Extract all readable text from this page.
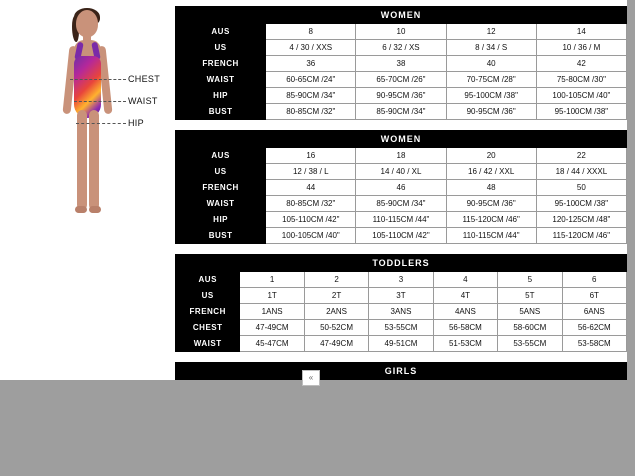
CHEST
WAIST
HIP
WOMEN				
AUS	8	10	12	14
US	4 / 30 / XXS	6 / 32 / XS	8 / 34 / S	10 / 36 / M
FRENCH	36	38	40	42
WAIST	60-65CM /24"	65-70CM /26"	70-75CM /28"	75-80CM /30"
HIP	85-90CM /34"	90-95CM /36"	95-100CM /38"	100-105CM /40"
BUST	80-85CM /32"	85-90CM /34"	90-95CM /36"	95-100CM /38"
WOMEN				
AUS	16	18	20	22
US	12 / 38 / L	14 / 40 / XL	16 / 42 / XXL	18 / 44 / XXXL
FRENCH	44	46	48	50
WAIST	80-85CM /32"	85-90CM /34"	90-95CM /36"	95-100CM /38"
HIP	105-110CM /42"	110-115CM /44"	115-120CM /46"	120-125CM /48"
BUST	100-105CM /40"	105-110CM /42"	110-115CM /44"	115-120CM /46"
TODDLERS						
AUS	1	2	3	4	5	6
US	1T	2T	3T	4T	5T	6T
FRENCH	1ANS	2ANS	3ANS	4ANS	5ANS	6ANS
CHEST	47-49CM	50-52CM	53-55CM	56-58CM	58-60CM	56-62CM
WAIST	45-47CM	47-49CM	49-51CM	51-53CM	53-55CM	53-58CM
GIRLS				

«
